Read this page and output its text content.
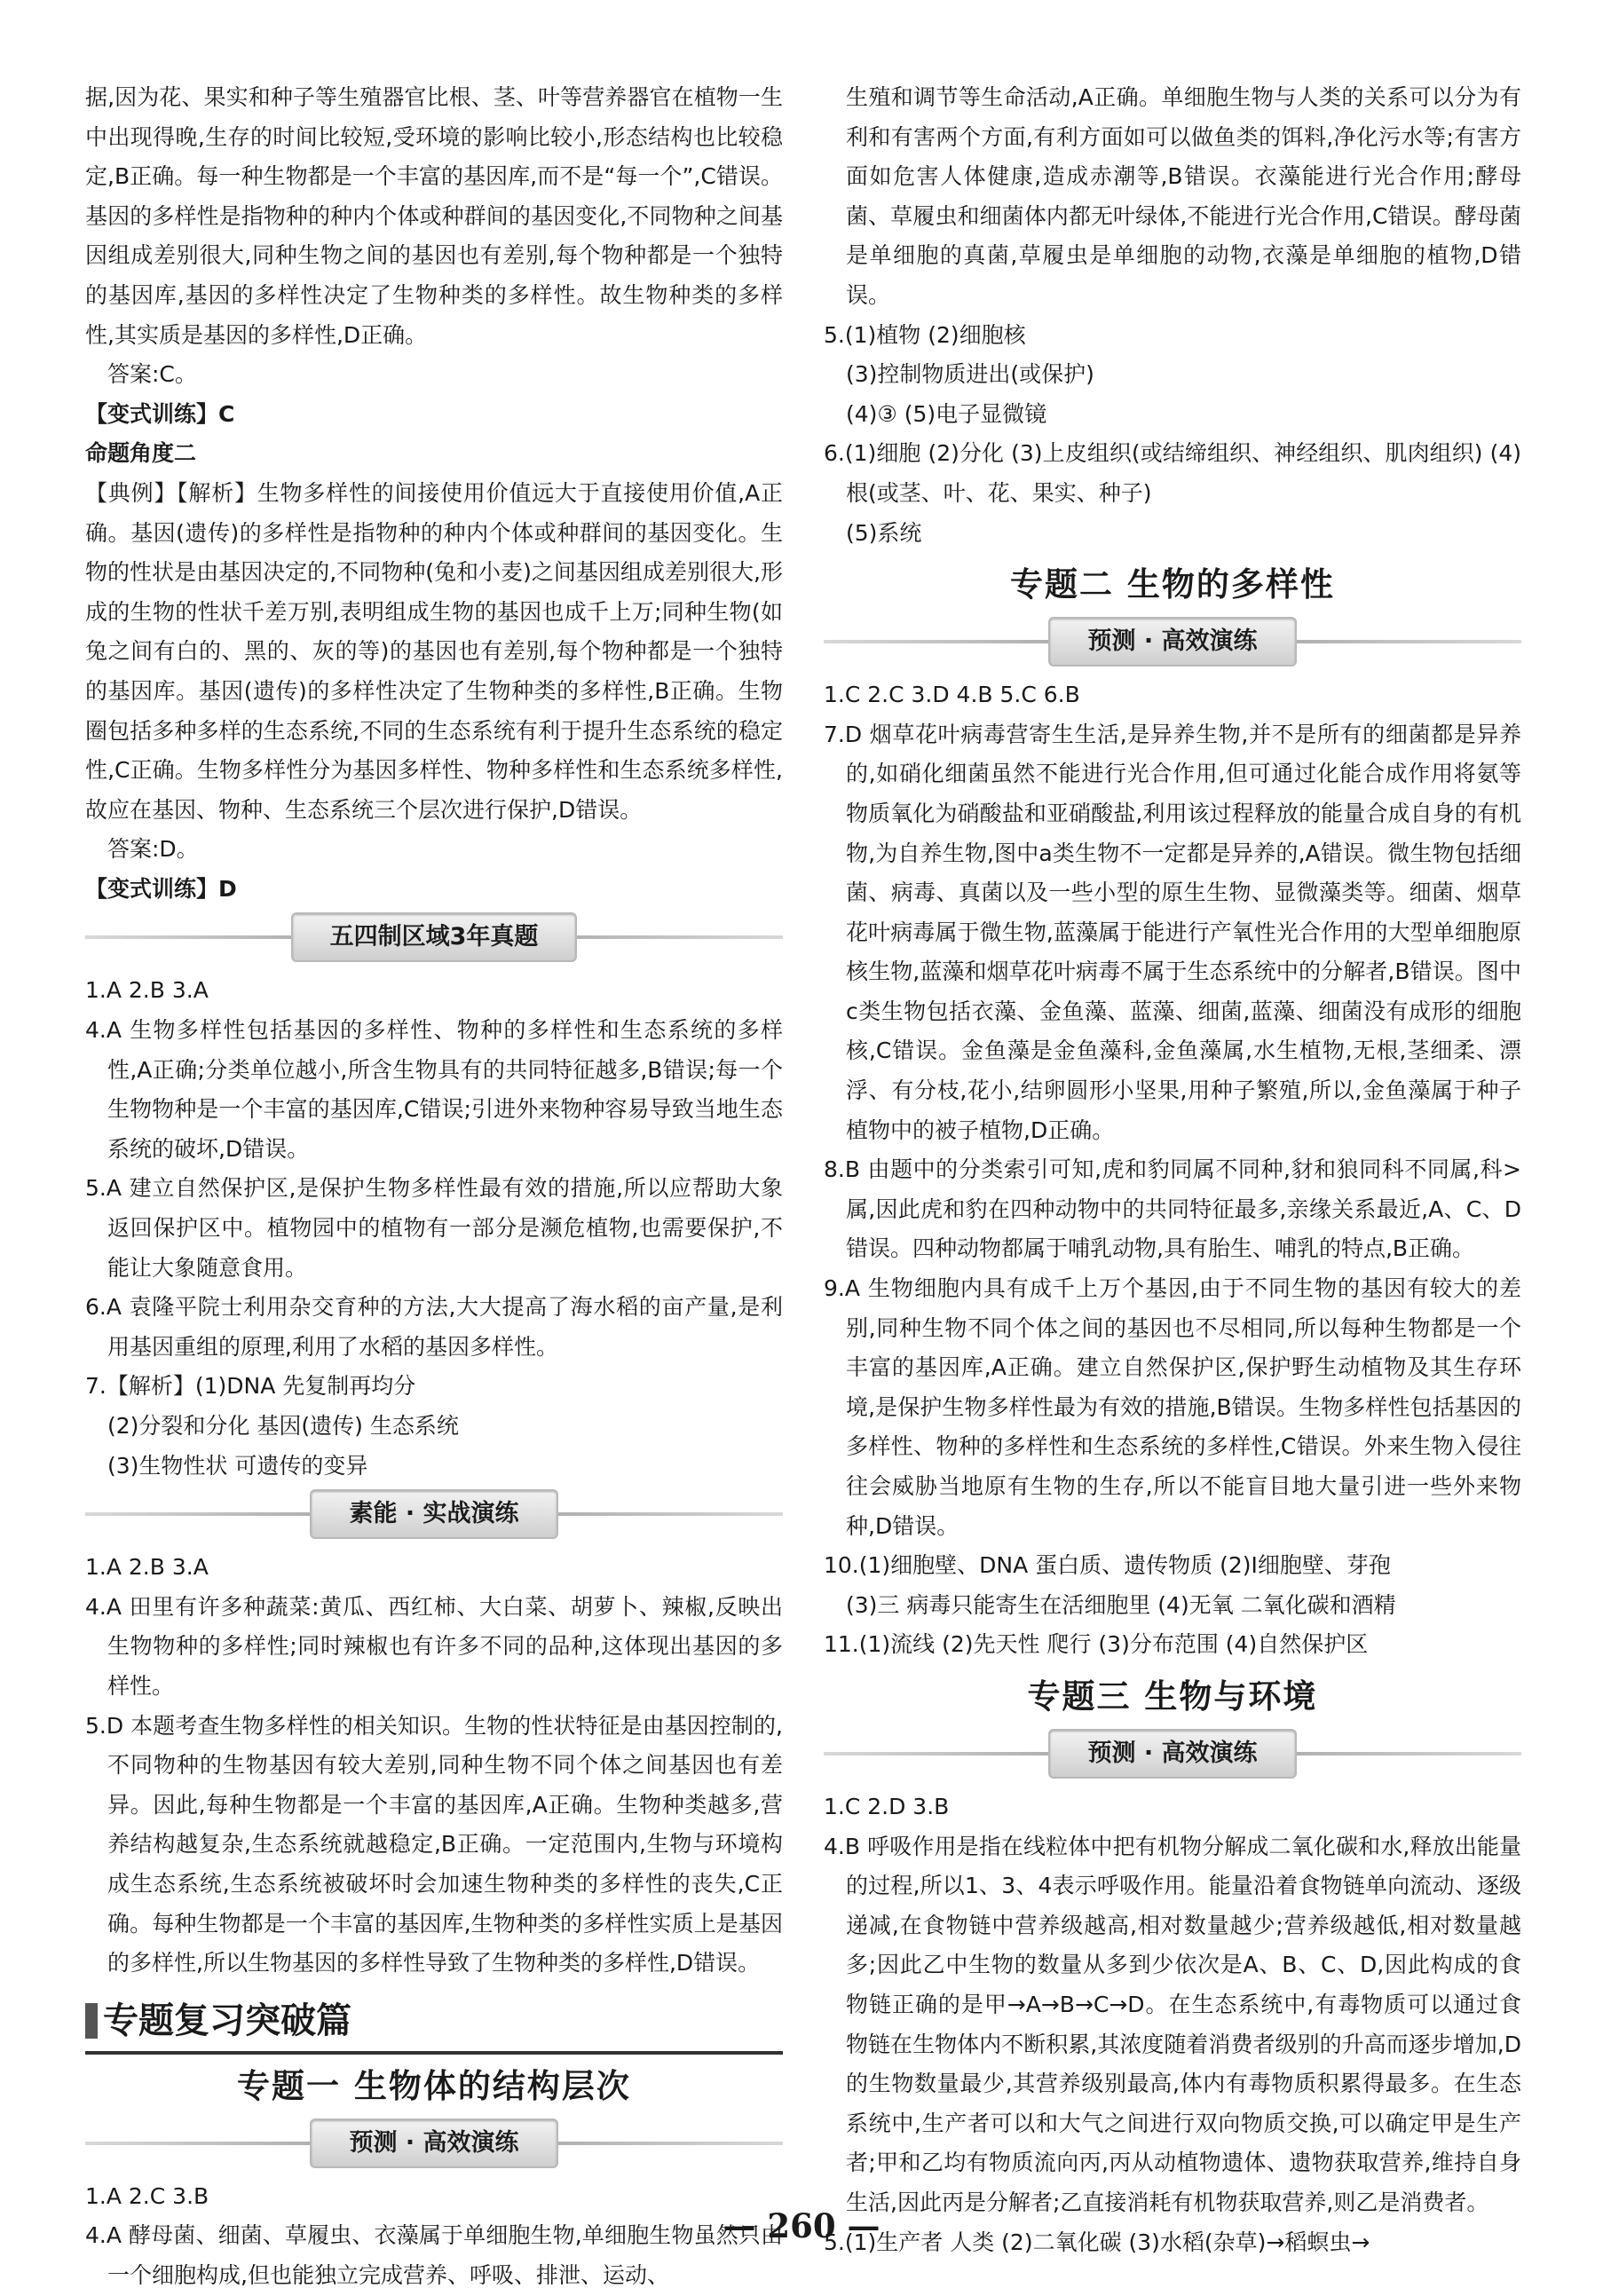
据,因为花、果实和种子等生殖器官比根、茎、叶等营养器官在植物一生中出现得晚,生存的时间比较短,受环境的影响比较小,形态结构也比较稳定,B正确。每一种生物都是一个丰富的基因库,而不是“每一个”,C错误。基因的多样性是指物种的种内个体或种群间的基因变化,不同物种之间基因组成差别很大,同种生物之间的基因也有差别,每个物种都是一个独特的基因库,基因的多样性决定了生物种类的多样性。故生物种类的多样性,其实质是基因的多样性,D正确。

答案:C。

【变式训练】C

命题角度二

【典例】【解析】生物多样性的间接使用价值远大于直接使用价值,A正确。基因(遗传)的多样性是指物种的种内个体或种群间的基因变化。生物的性状是由基因决定的,不同物种(兔和小麦)之间基因组成差别很大,形成的生物的性状千差万别,表明组成生物的基因也成千上万;同种生物(如兔之间有白的、黑的、灰的等)的基因也有差别,每个物种都是一个独特的基因库。基因(遗传)的多样性决定了生物种类的多样性,B正确。生物圈包括多种多样的生态系统,不同的生态系统有利于提升生态系统的稳定性,C正确。生物多样性分为基因多样性、物种多样性和生态系统多样性,故应在基因、物种、生态系统三个层次进行保护,D错误。

答案:D。

【变式训练】D

五四制区域3年真题

1.A 2.B 3.A

4.A 生物多样性包括基因的多样性、物种的多样性和生态系统的多样性,A正确;分类单位越小,所含生物具有的共同特征越多,B错误;每一个生物物种是一个丰富的基因库,C错误;引进外来物种容易导致当地生态系统的破坏,D错误。

5.A 建立自然保护区,是保护生物多样性最有效的措施,所以应帮助大象返回保护区中。植物园中的植物有一部分是濒危植物,也需要保护,不能让大象随意食用。

6.A 袁隆平院士利用杂交育种的方法,大大提高了海水稻的亩产量,是利用基因重组的原理,利用了水稻的基因多样性。

7.【解析】(1)DNA 先复制再均分

(2)分裂和分化 基因(遗传) 生态系统

(3)生物性状 可遗传的变异

素能 · 实战演练

1.A 2.B 3.A

4.A 田里有许多种蔬菜:黄瓜、西红柿、大白菜、胡萝卜、辣椒,反映出生物物种的多样性;同时辣椒也有许多不同的品种,这体现出基因的多样性。

5.D 本题考查生物多样性的相关知识。生物的性状特征是由基因控制的,不同物种的生物基因有较大差别,同种生物不同个体之间基因也有差异。因此,每种生物都是一个丰富的基因库,A正确。生物种类越多,营养结构越复杂,生态系统就越稳定,B正确。一定范围内,生物与环境构成生态系统,生态系统被破坏时会加速生物种类的多样性的丧失,C正确。每种生物都是一个丰富的基因库,生物种类的多样性实质上是基因的多样性,所以生物基因的多样性导致了生物种类的多样性,D错误。

专题复习突破篇
专题一 生物体的结构层次
预测 · 高效演练

1.A 2.C 3.B

4.A 酵母菌、细菌、草履虫、衣藻属于单细胞生物,单细胞生物虽然只由一个细胞构成,但也能独立完成营养、呼吸、排泄、运动、

生殖和调节等生命活动,A正确。单细胞生物与人类的关系可以分为有利和有害两个方面,有利方面如可以做鱼类的饵料,净化污水等;有害方面如危害人体健康,造成赤潮等,B错误。衣藻能进行光合作用;酵母菌、草履虫和细菌体内都无叶绿体,不能进行光合作用,C错误。酵母菌是单细胞的真菌,草履虫是单细胞的动物,衣藻是单细胞的植物,D错误。

5.(1)植物 (2)细胞核

(3)控制物质进出(或保护)

(4)③ (5)电子显微镜

6.(1)细胞 (2)分化 (3)上皮组织(或结缔组织、神经组织、肌肉组织) (4)根(或茎、叶、花、果实、种子)

(5)系统

专题二 生物的多样性
预测 · 高效演练

1.C 2.C 3.D 4.B 5.C 6.B

7.D 烟草花叶病毒营寄生生活,是异养生物,并不是所有的细菌都是异养的,如硝化细菌虽然不能进行光合作用,但可通过化能合成作用将氨等物质氧化为硝酸盐和亚硝酸盐,利用该过程释放的能量合成自身的有机物,为自养生物,图中a类生物不一定都是异养的,A错误。微生物包括细菌、病毒、真菌以及一些小型的原生生物、显微藻类等。细菌、烟草花叶病毒属于微生物,蓝藻属于能进行产氧性光合作用的大型单细胞原核生物,蓝藻和烟草花叶病毒不属于生态系统中的分解者,B错误。图中c类生物包括衣藻、金鱼藻、蓝藻、细菌,蓝藻、细菌没有成形的细胞核,C错误。金鱼藻是金鱼藻科,金鱼藻属,水生植物,无根,茎细柔、漂浮、有分枝,花小,结卵圆形小坚果,用种子繁殖,所以,金鱼藻属于种子植物中的被子植物,D正确。

8.B 由题中的分类索引可知,虎和豹同属不同种,豺和狼同科不同属,科>属,因此虎和豹在四种动物中的共同特征最多,亲缘关系最近,A、C、D错误。四种动物都属于哺乳动物,具有胎生、哺乳的特点,B正确。

9.A 生物细胞内具有成千上万个基因,由于不同生物的基因有较大的差别,同种生物不同个体之间的基因也不尽相同,所以每种生物都是一个丰富的基因库,A正确。建立自然保护区,保护野生动植物及其生存环境,是保护生物多样性最为有效的措施,B错误。生物多样性包括基因的多样性、物种的多样性和生态系统的多样性,C错误。外来生物入侵往往会威胁当地原有生物的生存,所以不能盲目地大量引进一些外来物种,D错误。

10.(1)细胞壁、DNA 蛋白质、遗传物质 (2)Ⅰ细胞壁、芽孢

(3)三 病毒只能寄生在活细胞里 (4)无氧 二氧化碳和酒精

11.(1)流线 (2)先天性 爬行 (3)分布范围 (4)自然保护区

专题三 生物与环境
预测 · 高效演练

1.C 2.D 3.B

4.B 呼吸作用是指在线粒体中把有机物分解成二氧化碳和水,释放出能量的过程,所以1、3、4表示呼吸作用。能量沿着食物链单向流动、逐级递减,在食物链中营养级越高,相对数量越少;营养级越低,相对数量越多;因此乙中生物的数量从多到少依次是A、B、C、D,因此构成的食物链正确的是甲→A→B→C→D。在生态系统中,有毒物质可以通过食物链在生物体内不断积累,其浓度随着消费者级别的升高而逐步增加,D的生物数量最少,其营养级别最高,体内有毒物质积累得最多。在生态系统中,生产者可以和大气之间进行双向物质交换,可以确定甲是生产者;甲和乙均有物质流向丙,丙从动植物遗体、遗物获取营养,维持自身生活,因此丙是分解者;乙直接消耗有机物获取营养,则乙是消费者。

5.(1)生产者 人类 (2)二氧化碳 (3)水稻(杂草)→稻螟虫→

— 260 —
